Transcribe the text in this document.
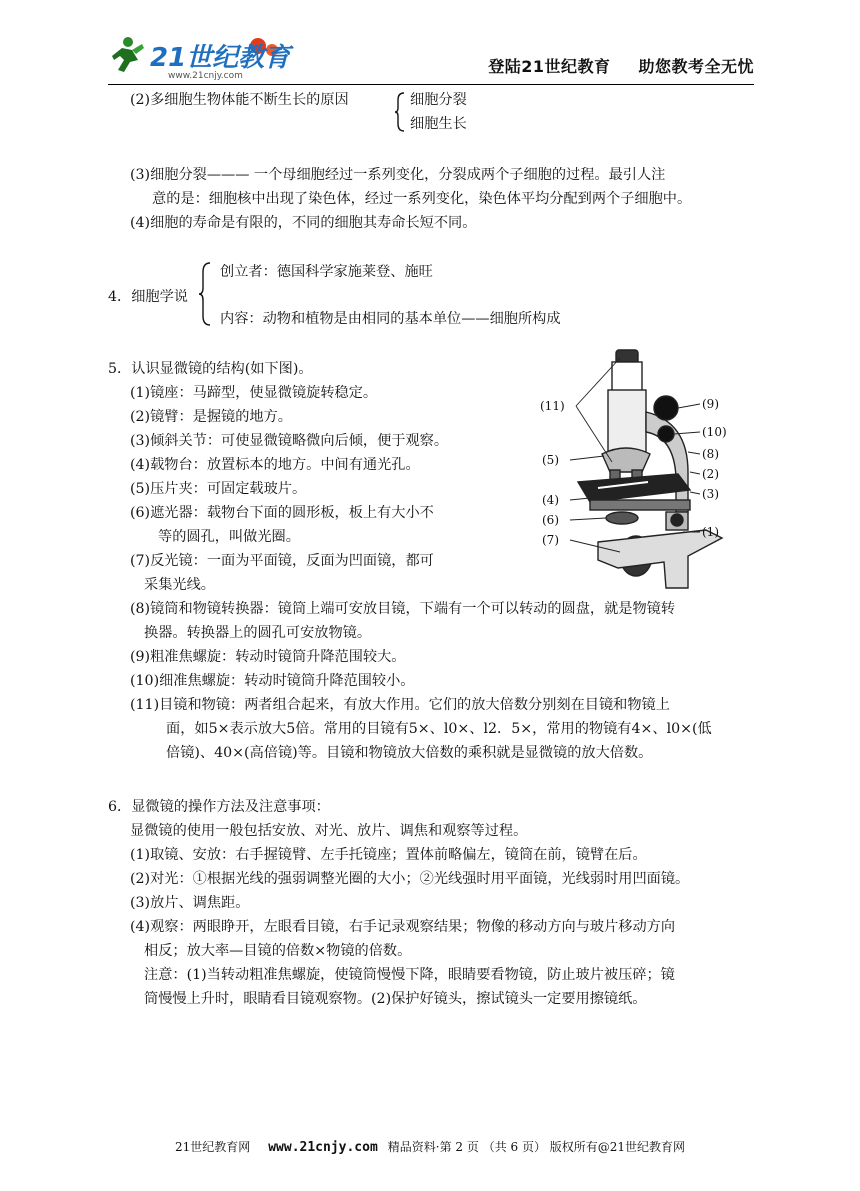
21世纪教育
www.21cnjy.com	登陆21世纪教育 助您教考全无忧
(2)多细胞生物体能不断生长的原因	细胞分裂
细胞生长
(3)细胞分裂——— 一个母细胞经过一系列变化，分裂成两个子细胞的过程。最引人注
意的是：细胞核中出现了染色体，经过一系列变化，染色体平均分配到两个子细胞中。
(4)细胞的寿命是有限的，不同的细胞其寿命长短不同。
4．细胞学说
创立者：德国科学家施莱登、施旺
内容：动物和植物是由相同的基本单位——细胞所构成
5．认识显微镜的结构(如下图)。
(1)镜座：马蹄型，使显微镜旋转稳定。
(2)镜臂：是握镜的地方。
(3)倾斜关节：可使显微镜略微向后倾，便于观察。
(4)载物台：放置标本的地方。中间有通光孔。
(5)压片夹：可固定载玻片。
(6)遮光器：载物台下面的圆形板，板上有大小不
等的圆孔，叫做光圈。
(7)反光镜：一面为平面镜，反面为凹面镜，都可
采集光线。
(8)镜筒和物镜转换器：镜筒上端可安放目镜，下端有一个可以转动的圆盘，就是物镜转
换器。转换器上的圆孔可安放物镜。
(9)粗准焦螺旋：转动时镜筒升降范围较大。
(10)细准焦螺旋：转动时镜筒升降范围较小。
(11)目镜和物镜：两者组合起来，有放大作用。它们的放大倍数分别刻在目镜和物镜上
面，如5×表示放大5倍。常用的目镜有5×、l0×、l2．5×，常用的物镜有4×、l0×(低
倍镜)、40×(高倍镜)等。目镜和物镜放大倍数的乘积就是显微镜的放大倍数。
6．显微镜的操作方法及注意事项：
显微镜的使用一般包括安放、对光、放片、调焦和观察等过程。
(1)取镜、安放：右手握镜臂、左手托镜座；置体前略偏左，镜筒在前，镜臂在后。
(2)对光：①根据光线的强弱调整光圈的大小；②光线强时用平面镜，光线弱时用凹面镜。
(3)放片、调焦距。
(4)观察：两眼睁开，左眼看目镜，右手记录观察结果；物像的移动方向与玻片移动方向
相反；放大率—目镜的倍数×物镜的倍数。
注意：(1)当转动粗准焦螺旋，使镜筒慢慢下降，眼睛要看物镜，防止玻片被压碎；镜
筒慢慢上升时，眼睛看目镜观察物。(2)保护好镜头，擦试镜头一定要用擦镜纸。
(11)	(9)
(10)
(5)	(8)
(2)
(4)	(3)
(6)
(1)
(7)
21世纪教育网 www.21cnjy.com 精品资料·第 2 页 （共 6 页） 版权所有@21世纪教育网
